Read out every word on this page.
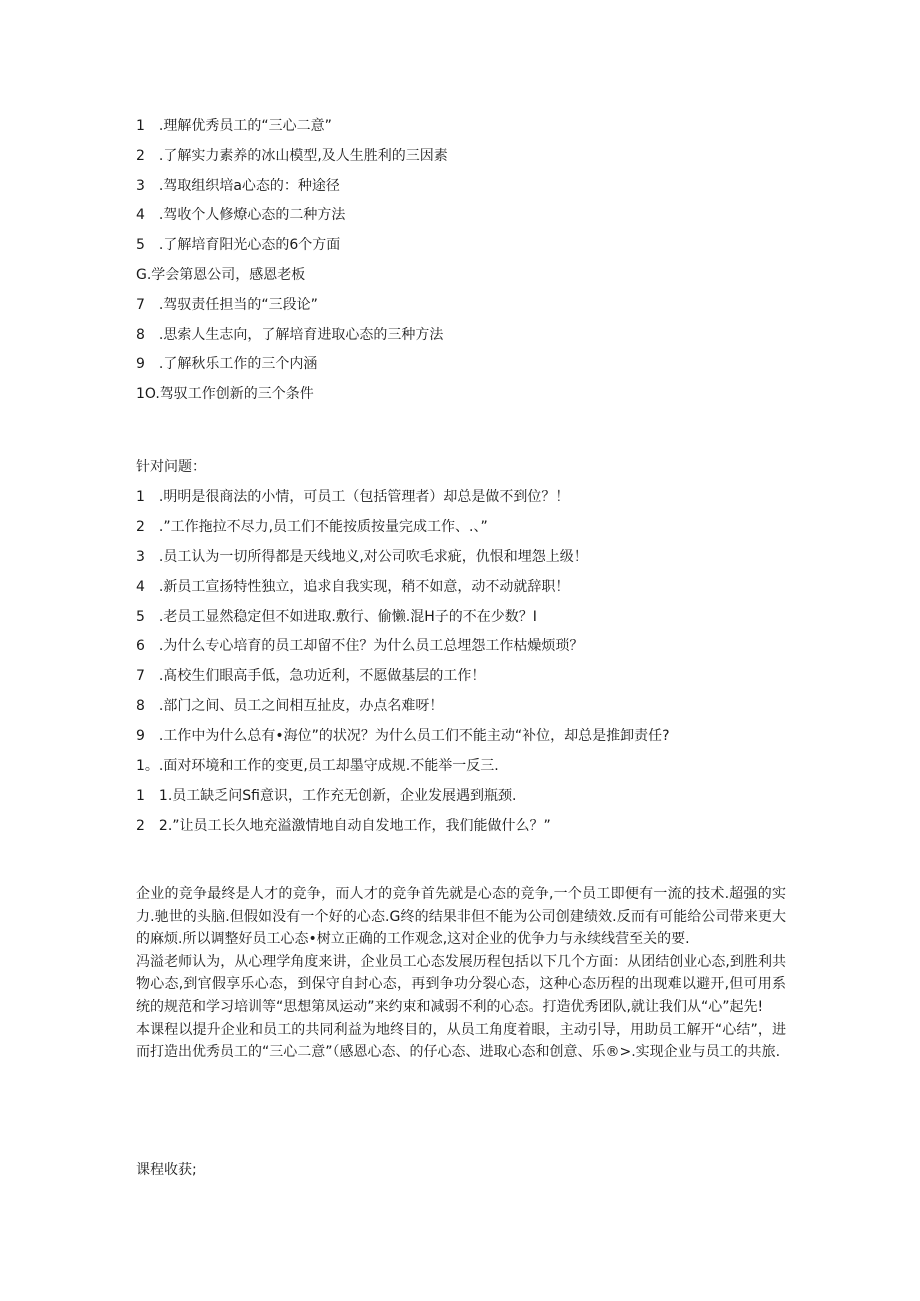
1　.理解优秀员工的“三心二意”
2　.了解实力素养的冰山模型,及人生胜利的三因素
3　.驾取组织培a心态的：种途径
4　.驾收个人修燎心态的二种方法
5　.了解培育阳光心态的6个方面
G.学会第恩公司，感恩老板
7　.驾驭责任担当的“三段论”
8　.思索人生志向，了解培育进取心态的三种方法
9　.了解秋乐工作的三个内涵
1O.驾驭工作创新的三个条件
针对问题：
1　.明明是很商法的小情，可员工（包括管理者）却总是做不到位？！
2　.”工作拖拉不尽力,员工们不能按质按量完成工作、.、”
3　.员工认为一切所得都是天线地义,对公司吹毛求疵，仇恨和埋怨上级！
4　.新员工宣扬特性独立，追求自我实现，稍不如意，动不动就辞职！
5　.老员工显然稳定但不如进取.敷行、偷懒.混H子的不在少数？I
6　.为什么专心培育的员工却留不住？为什么员工总埋怨工作枯燥烦琐？
7　.髙校生们眼高手低，急功近利，不愿做基层的工作！
8　.部门之间、员工之间相互扯皮，办点名难呀！
9　.工作中为什么总有•海位”的状况？为什么员工们不能主动“补位，却总是推卸责任?
1。.面对环境和工作的变更,员工却墨守成规.不能举一反三.
1　1.员工缺乏问Sfi意识，工作充无创新，企业发展遇到瓶颈.
2　2.”让员工长久地充溢激情地自动自发地工作，我们能做什么？”

企业的竞争最终是人才的竞争，而人才的竞争首先就是心态的竞争,一个员工即便有一流的技术.超强的实力.驰世的头脑.但假如没有一个好的心态.G终的结果非但不能为公司创建绩效.反而有可能给公司带来更大的麻烦.所以调整好员工心态•树立正确的工作观念,这对企业的优争力与永续线营至关的要.

冯溢老师认为，从心理学角度来讲，企业员工心态发展历程包括以下几个方面：从团结创业心态,到胜利共物心态,到官假享乐心态，到保守自封心态，再到争功分裂心态，这种心态历程的出现难以避开,但可用系统的规范和学习培训等“思想第凤运动”来约束和减弱不利的心态。打造优秀团队,就让我们从“心”起先!

本课程以提升企业和员工的共同利益为地终目的，从员工角度着眼，主动引导，用助员工解开“心结”，进而打造出优秀员工的“三心二意”（感恩心态、的仔心态、进取心态和创意、乐®>.实现企业与员工的共旅.

课程收获;
